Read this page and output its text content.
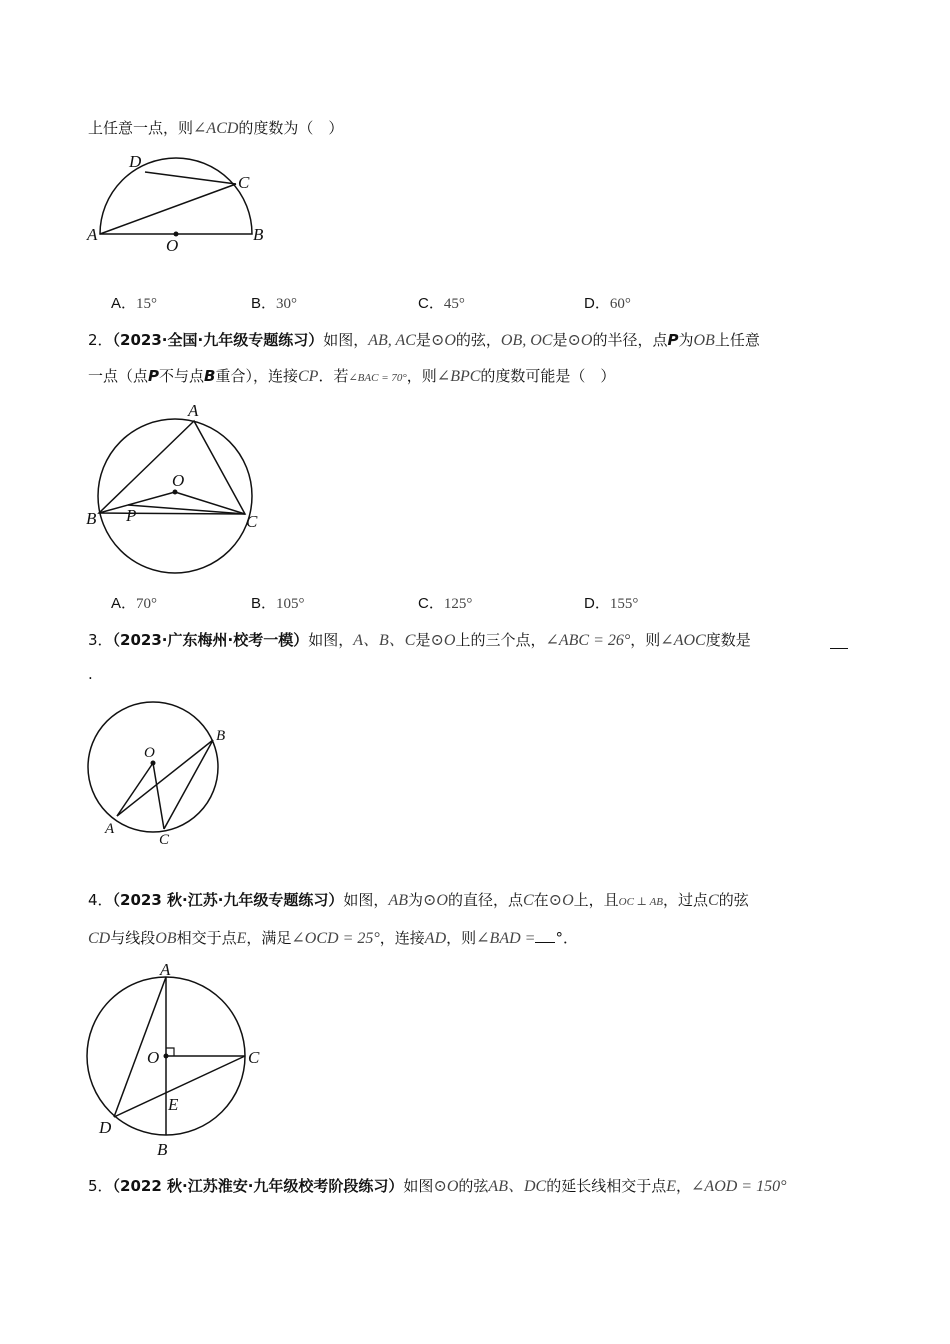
上任意一点，则∠ACD的度数为（　）
A	B
C
D
O
A．15°	B．30°	C．45°	D．60°
2．（2023·全国·九年级专题练习）如图，AB, AC是⊙O的弦，OB, OC是⊙O的半径，点P为OB上任意
一点（点P不与点B重合），连接CP．若∠BAC = 70°，则∠BPC的度数可能是（　）
A
B	C
O
P
A．70°	B．105°	C．125°	D．155°
3．（2023·广东梅州·校考一模）如图，A、B、C是⊙O上的三个点，∠ABC = 26°，则∠AOC度数是
.
O
B
A
C
4．（2023 秋·江苏·九年级专题练习）如图，AB为⊙O的直径，点C在⊙O上，且OC ⊥ AB，过点C的弦
CD与线段OB相交于点E，满足∠OCD = 25°，连接AD，则∠BAD = °．
A
B
C
D
E
O
5．（2022 秋·江苏淮安·九年级校考阶段练习）如图⊙O的弦AB、DC的延长线相交于点E，∠AOD = 150°
